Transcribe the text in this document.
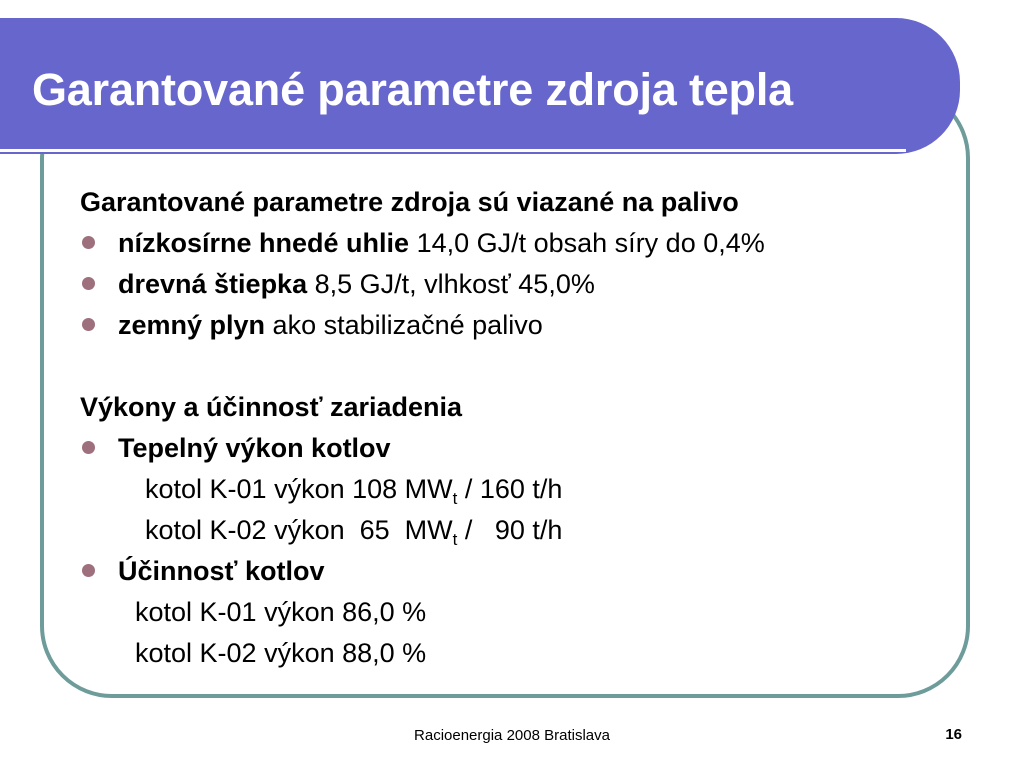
Garantované parametre zdroja tepla
Garantované parametre zdroja sú viazané na palivo
nízkosírne hnedé uhlie 14,0 GJ/t obsah síry do 0,4%
drevná štiepka 8,5 GJ/t, vlhkosť 45,0%
zemný plyn ako stabilizačné palivo
Výkony a účinnosť zariadenia
Tepelný výkon kotlov
kotol K-01 výkon 108 $MW_t / 160$ t/h
kotol K-02 výkon  65  $MW_t / 90$ t/h
Účinnosť kotlov
kotol K-01 výkon 86,0 %
kotol K-02 výkon 88,0 %
Racioenergia 2008 Bratislava	16
